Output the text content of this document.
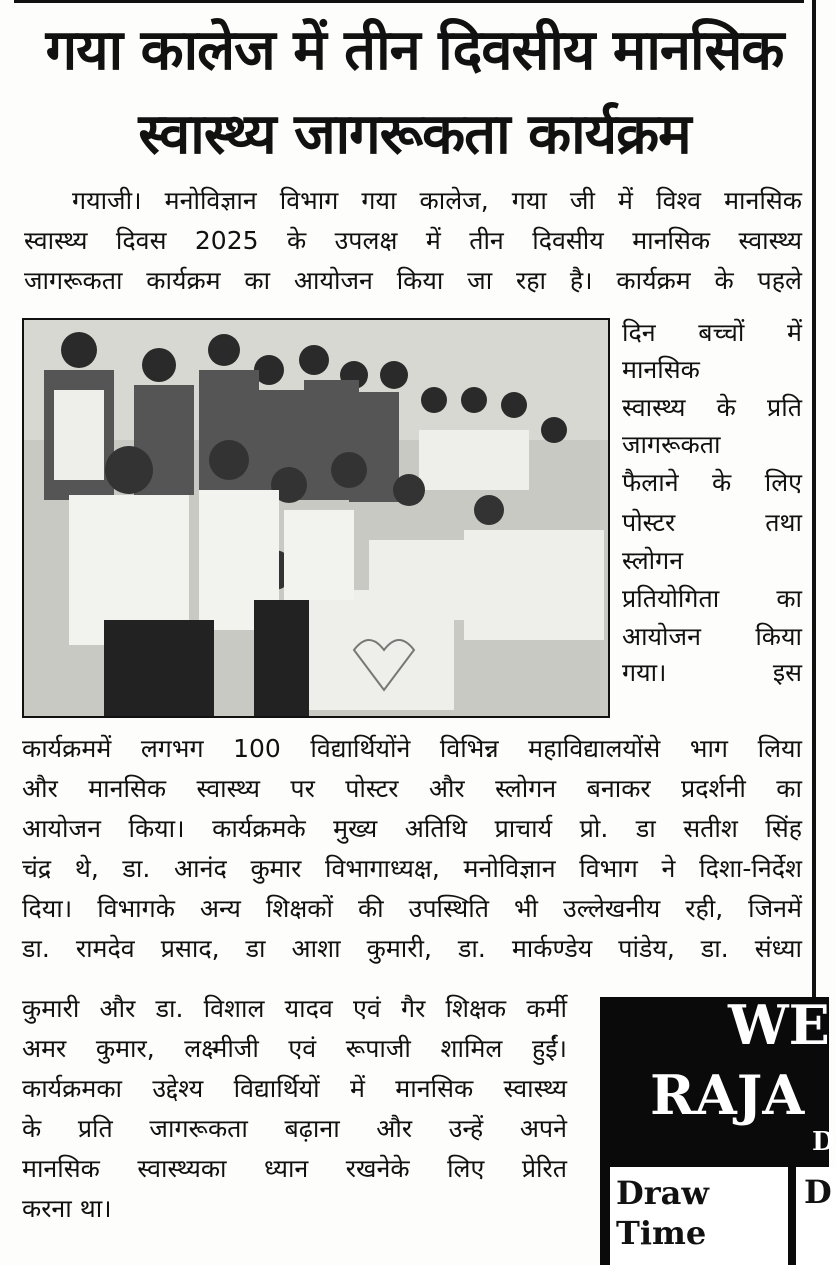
गया कालेज में तीन दिवसीय मानसिक
स्वास्थ्य जागरूकता कार्यक्रम
गयाजी। मनोविज्ञान विभाग गया कालेज, गया जी में विश्व मानसिक
स्वास्थ्य दिवस 2025 के उपलक्ष में तीन दिवसीय मानसिक स्वास्थ्य
जागरूकता कार्यक्रम का आयोजन किया जा रहा है। कार्यक्रम के पहले
दिन बच्चों में
मानसिक
स्वास्थ्य के प्रति
जागरूकता
फैलाने के लिए
पोस्टर तथा
स्लोगन
प्रतियोगिता का
आयोजन किया
गया। इस
कार्यक्रममें लगभग 100 विद्यार्थियोंने विभिन्न महाविद्यालयोंसे भाग लिया
और मानसिक स्वास्थ्य पर पोस्टर और स्लोगन बनाकर प्रदर्शनी का
आयोजन किया। कार्यक्रमके मुख्य अतिथि प्राचार्य प्रो. डा सतीश सिंह
चंद्र थे, डा. आनंद कुमार विभागाध्यक्ष, मनोविज्ञान विभाग ने दिशा-निर्देश
दिया। विभागके अन्य शिक्षकों की उपस्थिति भी उल्लेखनीय रही, जिनमें
डा. रामदेव प्रसाद, डा आशा कुमारी, डा. मार्कण्डेय पांडेय, डा. संध्या
कुमारी और डा. विशाल यादव एवं गैर शिक्षक कर्मी
अमर कुमार, लक्ष्मीजी एवं रूपाजी शामिल हुईं।
कार्यक्रमका उद्देश्य विद्यार्थियों में मानसिक स्वास्थ्य
के प्रति जागरूकता बढ़ाना और उन्हें अपने
मानसिक स्वास्थ्यका ध्यान रखनेके लिए प्रेरित
करना था।
WE
RAJA
D
Draw Time
D
